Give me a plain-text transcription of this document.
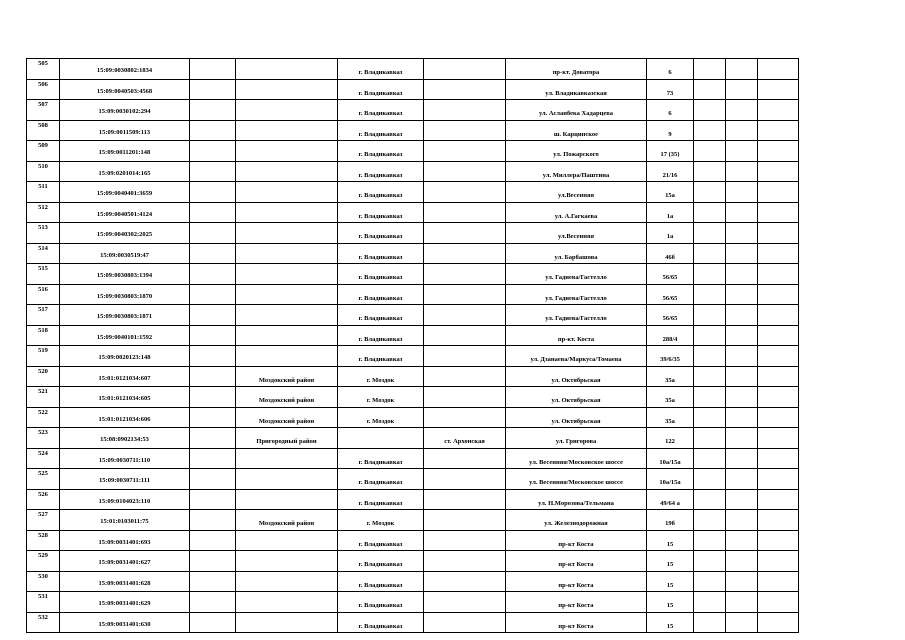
505	15:09:0030802:1834			г. Владикавказ		пр-кт. Доватора	6			
506	15:09:0040503:4568			г. Владикавказ		ул. Владикавказская	73			
507	15:09:0030102:294			г. Владикавказ		ул. Асланбека Хадарцева	6			
508	15:09:0011509:113			г. Владикавказ		ш. Карцинское	9			
509	15:09:0011201:148			г. Владикавказ		ул. Пожарского	17 (35)			
510	15:09:0201014:165			г. Владикавказ		ул. Миллера/Паштина	21/16			
511	15:09:0040401:3659			г. Владикавказ		ул.Весенняя	15а			
512	15:09:0040501:4124			г. Владикавказ		ул. А.Гагкаева	1а			
513	15:09:0040302:2025			г. Владикавказ		ул.Весенняя	1а			
514	15:09:0030519:47			г. Владикавказ		ул. Барбашова	46б			
515	15:09:0030803:1394			г. Владикавказ		ул. Гадиева/Гастелло	56/65			
516	15:09:0030803:1870			г. Владикавказ		ул. Гадиева/Гастелло	56/65			
517	15:09:0030803:1871			г. Владикавказ		ул. Гадиева/Гастелло	56/65			
518	15:09:0040101:1592			г. Владикавказ		пр-кт. Коста	288/4			
519	15:09:0020123:148			г. Владикавказ		ул. Дзанаева/Маркуса/Томаева	39/6/35			
520	15:01:0121034:607		Моздокский район	г. Моздок		ул. Октябрьская	35а			
521	15:01:0121034:605		Моздокский район	г. Моздок		ул. Октябрьская	35а			
522	15:01:0121034:606		Моздокский район	г. Моздок		ул. Октябрьская	35а			
523	15:08:0902134:53		Пригородный район		ст. Архонская	ул. Григорова	122			
524	15:09:0030711:110			г. Владикавказ		ул. Весенняя/Московское шоссе	10а/15а			
525	15:09:0030711:111			г. Владикавказ		ул. Весенняя/Московское шоссе	10а/15а			
526	15:09:0104023:110			г. Владикавказ		ул. Н.Морозова/Тельмана	49/64 а			
527	15:01:0103011:75		Моздокский район	г. Моздок		ул. Железнодорожная	19б			
528	15:09:0031401:693			г. Владикавказ		пр-кт Коста	15			
529	15:09:0031401:627			г. Владикавказ		пр-кт Коста	15			
530	15:09:0031401:628			г. Владикавказ		пр-кт Коста	15			
531	15:09:0031401:629			г. Владикавказ		пр-кт Коста	15			
532	15:09:0031401:630			г. Владикавказ		пр-кт Коста	15			
